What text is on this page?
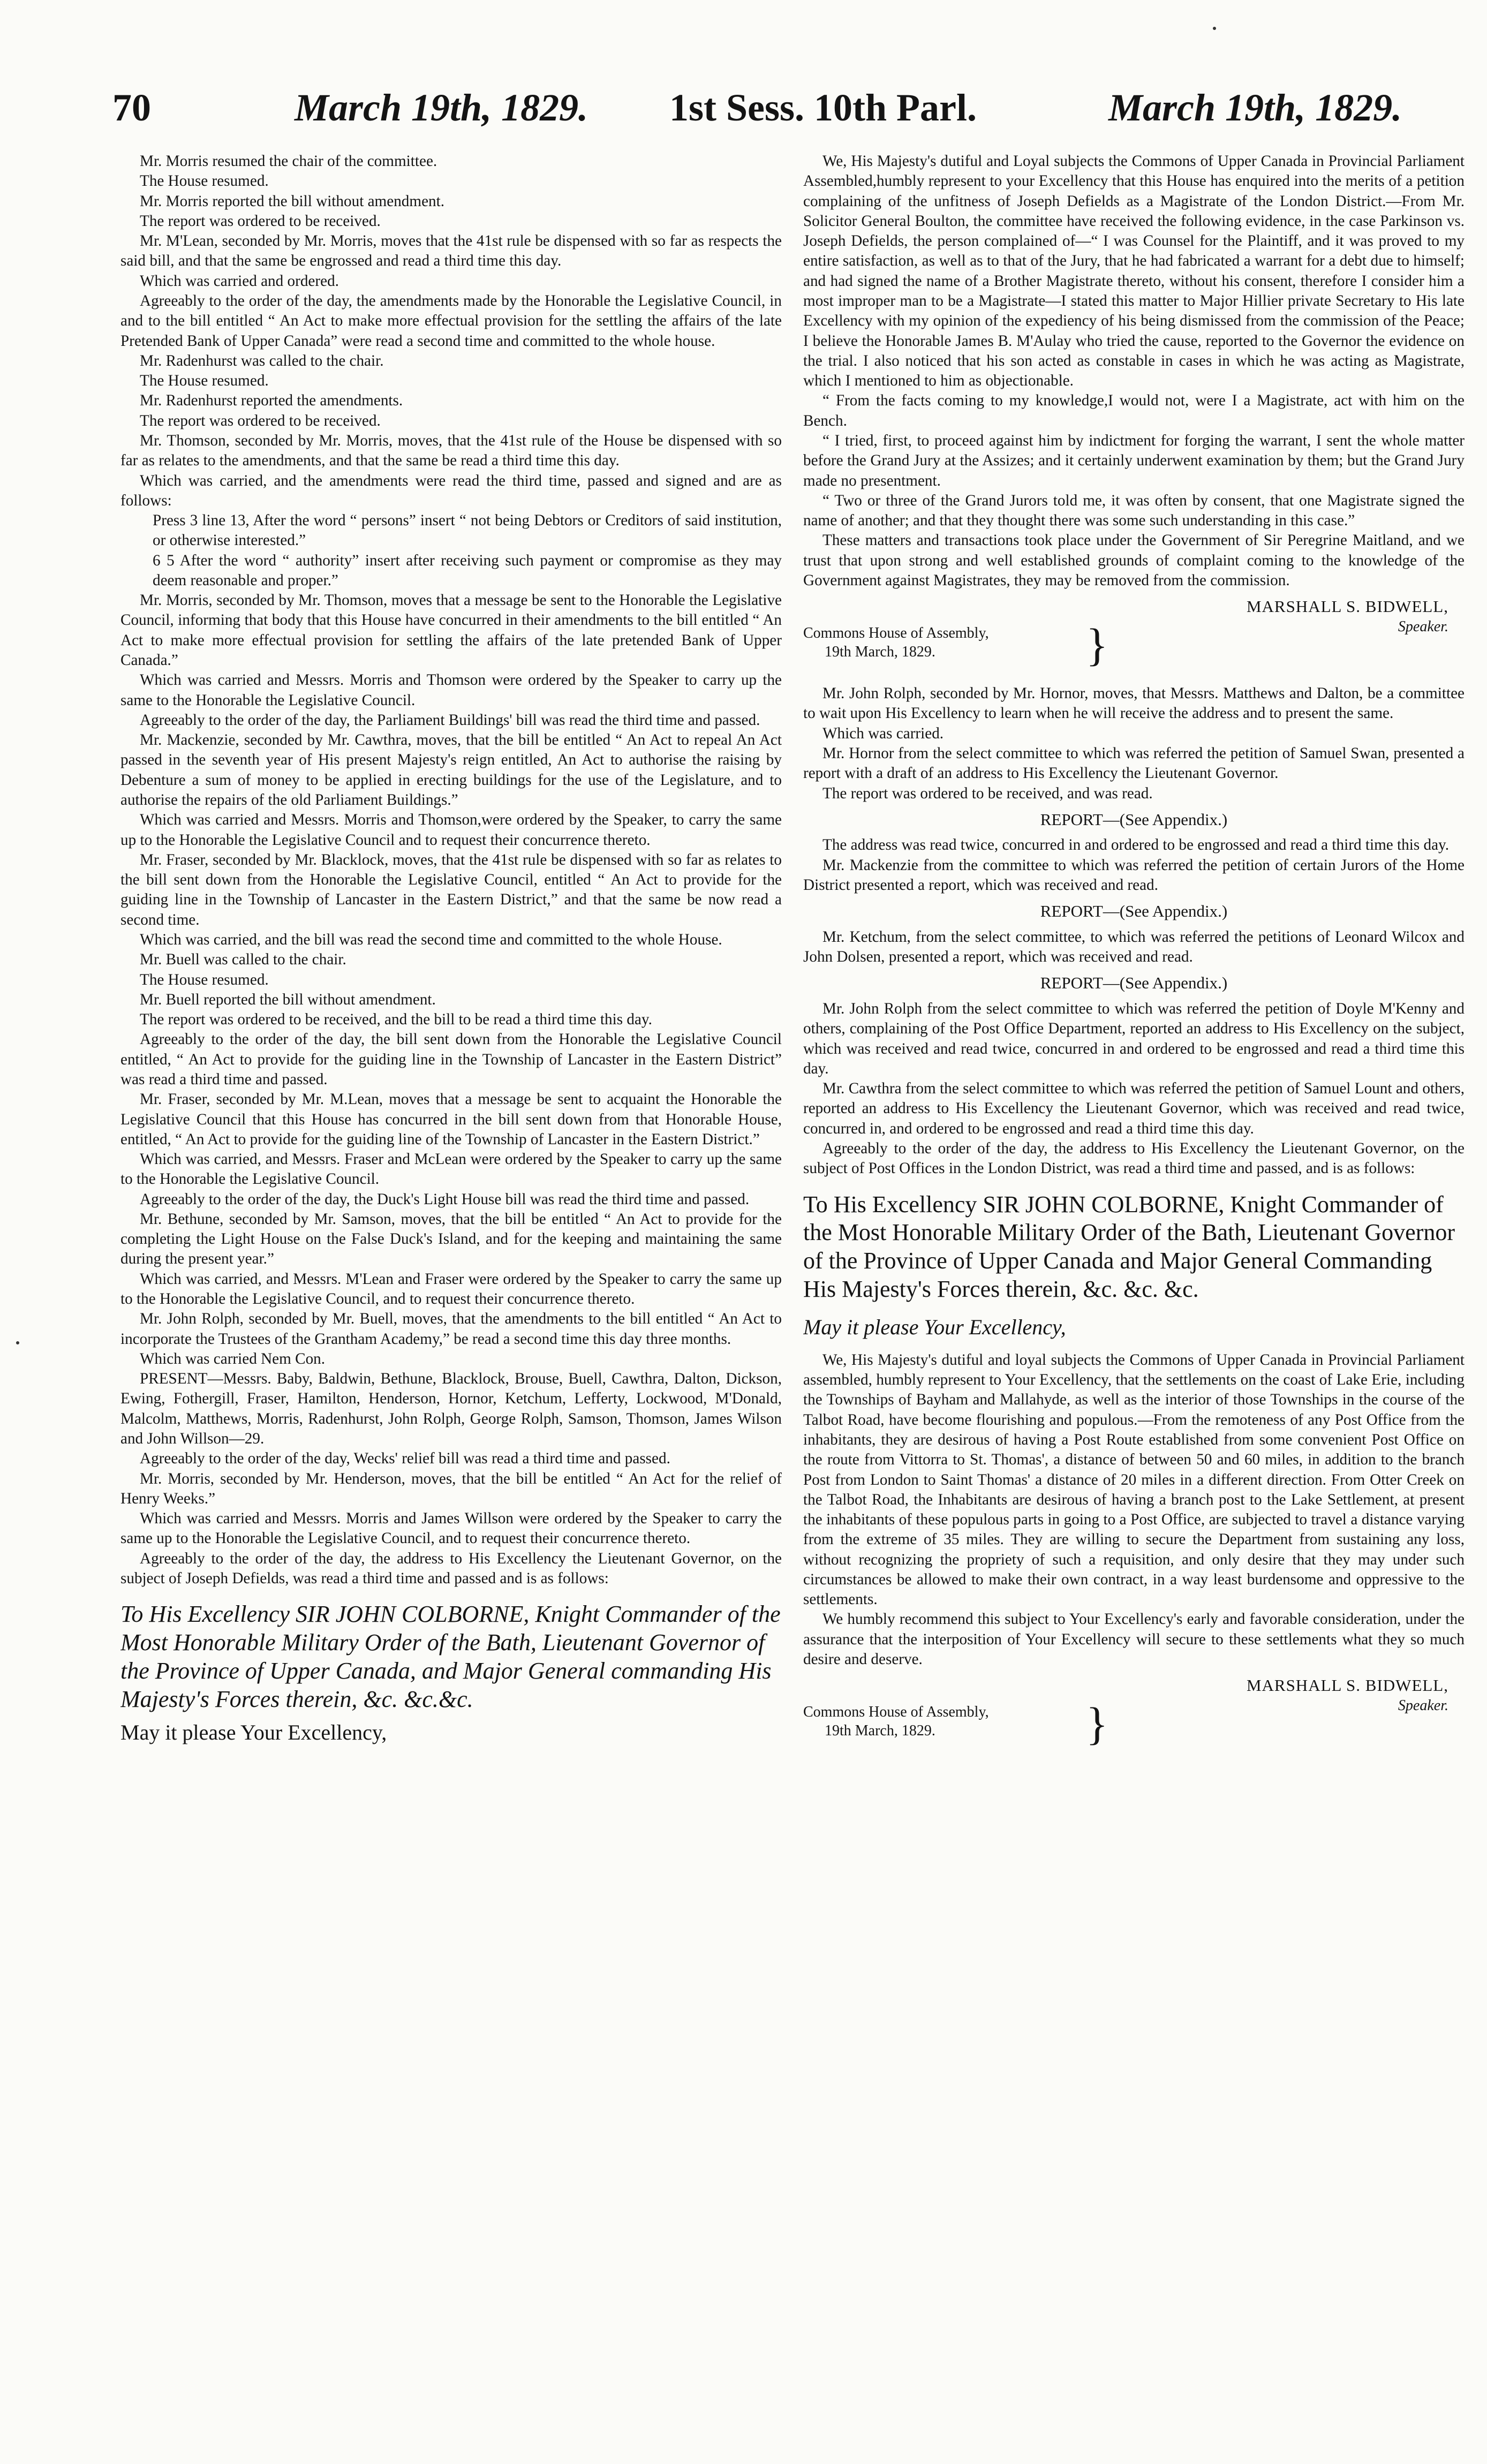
70	March 19th, 1829. 1st Sess. 10th Parl.	March 19th, 1829.

Mr. Morris resumed the chair of the committee.

The House resumed.

Mr. Morris reported the bill without amendment.

The report was ordered to be received.

Mr. M'Lean, seconded by Mr. Morris, moves that the 41st rule be dispensed with so far as respects the said bill, and that the same be engrossed and read a third time this day.

Which was carried and ordered.

Agreeably to the order of the day, the amendments made by the Honorable the Legislative Council, in and to the bill entitled “ An Act to make more effectual provision for the settling the affairs of the late Pretended Bank of Upper Canada” were read a second time and committed to the whole house.

Mr. Radenhurst was called to the chair.

The House resumed.

Mr. Radenhurst reported the amendments.

The report was ordered to be received.

Mr. Thomson, seconded by Mr. Morris, moves, that the 41st rule of the House be dispensed with so far as relates to the amendments, and that the same be read a third time this day.

Which was carried, and the amendments were read the third time, passed and signed and are as follows:

Press 3 line 13, After the word “ persons” insert “ not being Debtors or Creditors of said institution, or otherwise interested.”

6 5 After the word “ authority” insert after receiving such payment or compromise as they may deem reasonable and proper.”

Mr. Morris, seconded by Mr. Thomson, moves that a message be sent to the Honorable the Legislative Council, informing that body that this House have concurred in their amendments to the bill entitled “ An Act to make more effectual provision for settling the affairs of the late pretended Bank of Upper Canada.”

Which was carried and Messrs. Morris and Thomson were ordered by the Speaker to carry up the same to the Honorable the Legislative Council.

Agreeably to the order of the day, the Parliament Buildings' bill was read the third time and passed.

Mr. Mackenzie, seconded by Mr. Cawthra, moves, that the bill be entitled “ An Act to repeal An Act passed in the seventh year of His present Majesty's reign entitled, An Act to authorise the raising by Debenture a sum of money to be applied in erecting buildings for the use of the Legislature, and to authorise the repairs of the old Parliament Buildings.”

Which was carried and Messrs. Morris and Thomson,were ordered by the Speaker, to carry the same up to the Honorable the Legislative Council and to request their concurrence thereto.

Mr. Fraser, seconded by Mr. Blacklock, moves, that the 41st rule be dispensed with so far as relates to the bill sent down from the Honorable the Legislative Council, entitled “ An Act to provide for the guiding line in the Township of Lancaster in the Eastern District,” and that the same be now read a second time.

Which was carried, and the bill was read the second time and committed to the whole House.

Mr. Buell was called to the chair.

The House resumed.

Mr. Buell reported the bill without amendment.

The report was ordered to be received, and the bill to be read a third time this day.

Agreeably to the order of the day, the bill sent down from the Honorable the Legislative Council entitled, “ An Act to provide for the guiding line in the Township of Lancaster in the Eastern District” was read a third time and passed.

Mr. Fraser, seconded by Mr. M.Lean, moves that a message be sent to acquaint the Honorable the Legislative Council that this House has concurred in the bill sent down from that Honorable House, entitled, “ An Act to provide for the guiding line of the Township of Lancaster in the Eastern District.”

Which was carried, and Messrs. Fraser and McLean were ordered by the Speaker to carry up the same to the Honorable the Legislative Council.

Agreeably to the order of the day, the Duck's Light House bill was read the third time and passed.

Mr. Bethune, seconded by Mr. Samson, moves, that the bill be entitled “ An Act to provide for the completing the Light House on the False Duck's Island, and for the keeping and maintaining the same during the present year.”

Which was carried, and Messrs. M'Lean and Fraser were ordered by the Speaker to carry the same up to the Honorable the Legislative Council, and to request their concurrence thereto.

Mr. John Rolph, seconded by Mr. Buell, moves, that the amendments to the bill entitled “ An Act to incorporate the Trustees of the Grantham Academy,” be read a second time this day three months.

Which was carried Nem Con.

PRESENT—Messrs. Baby, Baldwin, Bethune, Blacklock, Brouse, Buell, Cawthra, Dalton, Dickson, Ewing, Fothergill, Fraser, Hamilton, Henderson, Hornor, Ketchum, Lefferty, Lockwood, M'Donald, Malcolm, Matthews, Morris, Radenhurst, John Rolph, George Rolph, Samson, Thomson, James Wilson and John Willson—29.

Agreeably to the order of the day, Wecks' relief bill was read a third time and passed.

Mr. Morris, seconded by Mr. Henderson, moves, that the bill be entitled “ An Act for the relief of Henry Weeks.”

Which was carried and Messrs. Morris and James Willson were ordered by the Speaker to carry the same up to the Honorable the Legislative Council, and to request their concurrence thereto.

Agreeably to the order of the day, the address to His Excellency the Lieutenant Governor, on the subject of Joseph Defields, was read a third time and passed and is as follows:

To His Excellency SIR JOHN COLBORNE, Knight Commander of the Most Honorable Military Order of the Bath, Lieutenant Governor of the Province of Upper Canada, and Major General commanding His Majesty's Forces therein, &c. &c.&c.

May it please Your Excellency,

We, His Majesty's dutiful and Loyal subjects the Commons of Upper Canada in Provincial Parliament Assembled,humbly represent to your Excellency that this House has enquired into the merits of a petition complaining of the unfitness of Joseph Defields as a Magistrate of the London District.—From Mr. Solicitor General Boulton, the committee have received the following evidence, in the case Parkinson vs. Joseph Defields, the person complained of—“ I was Counsel for the Plaintiff, and it was proved to my entire satisfaction, as well as to that of the Jury, that he had fabricated a warrant for a debt due to himself; and had signed the name of a Brother Magistrate thereto, without his consent, therefore I consider him a most improper man to be a Magistrate—I stated this matter to Major Hillier private Secretary to His late Excellency with my opinion of the expediency of his being dismissed from the commission of the Peace; I believe the Honorable James B. M'Aulay who tried the cause, reported to the Governor the evidence on the trial. I also noticed that his son acted as constable in cases in which he was acting as Magistrate, which I mentioned to him as objectionable.

“ From the facts coming to my knowledge,I would not, were I a Magistrate, act with him on the Bench.

“ I tried, first, to proceed against him by indictment for forging the warrant, I sent the whole matter before the Grand Jury at the Assizes; and it certainly underwent examination by them; but the Grand Jury made no presentment.

“ Two or three of the Grand Jurors told me, it was often by consent, that one Magistrate signed the name of another; and that they thought there was some such understanding in this case.”

These matters and transactions took place under the Government of Sir Peregrine Maitland, and we trust that upon strong and well established grounds of complaint coming to the knowledge of the Government against Magistrates, they may be removed from the commission.

MARSHALL S. BIDWELL,
Speaker.
Commons House of Assembly,
19th March, 1829.	}

Mr. John Rolph, seconded by Mr. Hornor, moves, that Messrs. Matthews and Dalton, be a committee to wait upon His Excellency to learn when he will receive the address and to present the same.

Which was carried.

Mr. Hornor from the select committee to which was referred the petition of Samuel Swan, presented a report with a draft of an address to His Excellency the Lieutenant Governor.

The report was ordered to be received, and was read.

REPORT—(See Appendix.)

The address was read twice, concurred in and ordered to be engrossed and read a third time this day.

Mr. Mackenzie from the committee to which was referred the petition of certain Jurors of the Home District presented a report, which was received and read.

REPORT—(See Appendix.)

Mr. Ketchum, from the select committee, to which was referred the petitions of Leonard Wilcox and John Dolsen, presented a report, which was received and read.

REPORT—(See Appendix.)

Mr. John Rolph from the select committee to which was referred the petition of Doyle M'Kenny and others, complaining of the Post Office Department, reported an address to His Excellency on the subject, which was received and read twice, concurred in and ordered to be engrossed and read a third time this day.

Mr. Cawthra from the select committee to which was referred the petition of Samuel Lount and others, reported an address to His Excellency the Lieutenant Governor, which was received and read twice, concurred in, and ordered to be engrossed and read a third time this day.

Agreeably to the order of the day, the address to His Excellency the Lieutenant Governor, on the subject of Post Offices in the London District, was read a third time and passed, and is as follows:

To His Excellency SIR JOHN COLBORNE, Knight Commander of the Most Honorable Military Order of the Bath, Lieutenant Governor of the Province of Upper Canada and Major General Commanding His Majesty's Forces therein, &c. &c. &c.

May it please Your Excellency,

We, His Majesty's dutiful and loyal subjects the Commons of Upper Canada in Provincial Parliament assembled, humbly represent to Your Excellency, that the settlements on the coast of Lake Erie, including the Townships of Bayham and Mallahyde, as well as the interior of those Townships in the course of the Talbot Road, have become flourishing and populous.—From the remoteness of any Post Office from the inhabitants, they are desirous of having a Post Route established from some convenient Post Office on the route from Vittorra to St. Thomas', a distance of between 50 and 60 miles, in addition to the branch Post from London to Saint Thomas' a distance of 20 miles in a different direction. From Otter Creek on the Talbot Road, the Inhabitants are desirous of having a branch post to the Lake Settlement, at present the inhabitants of these populous parts in going to a Post Office, are subjected to travel a distance varying from the extreme of 35 miles. They are willing to secure the Department from sustaining any loss, without recognizing the propriety of such a requisition, and only desire that they may under such circumstances be allowed to make their own contract, in a way least burdensome and oppressive to the settlements.

We humbly recommend this subject to Your Excellency's early and favorable consideration, under the assurance that the interposition of Your Excellency will secure to these settlements what they so much desire and deserve.

MARSHALL S. BIDWELL,
Speaker.
Commons House of Assembly,
19th March, 1829.	}
